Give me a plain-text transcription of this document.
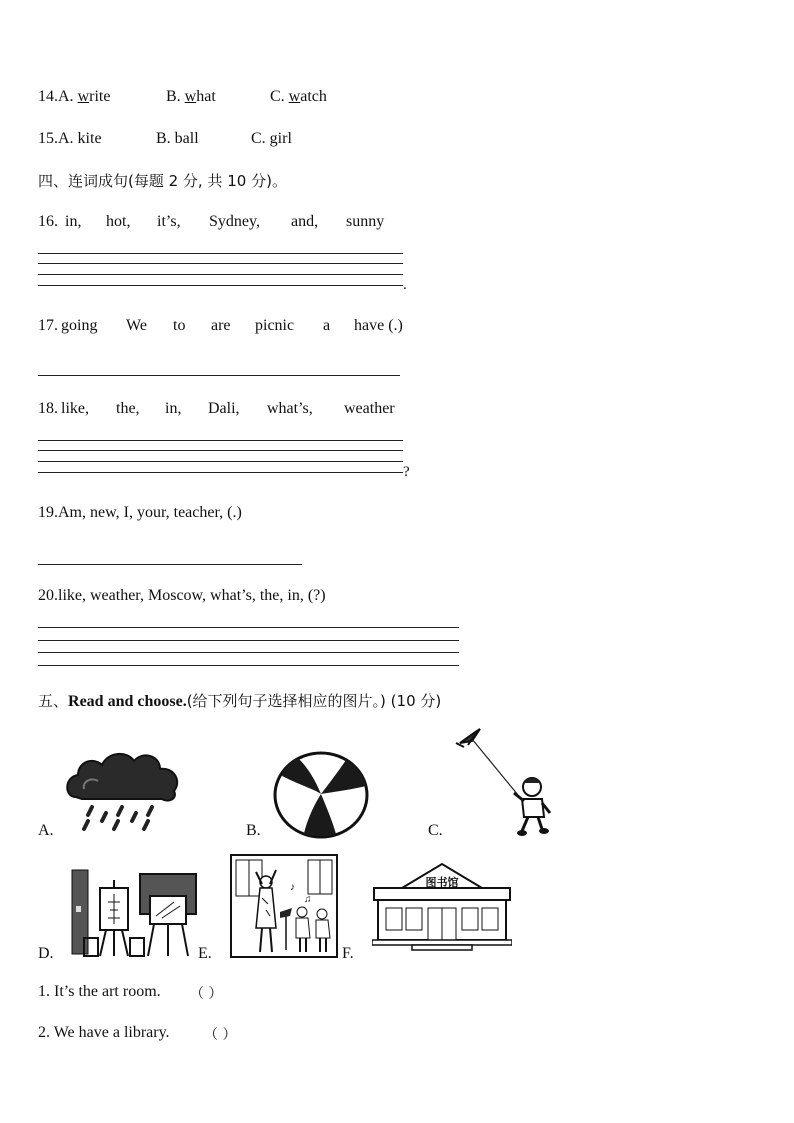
14.A. write	B. what	C. watch
15.A. kite	B. ball	C. girl
四、连词成句(每题 2 分, 共 10 分)。
16. in, hot, it’s, Sydney, and, sunny
.
17. going We to are picnic a have (.)
18. like, the, in, Dali, what’s, weather
?
19.Am, new, I, your, teacher, (.)
20.like, weather, Moscow, what’s, the, in, (?)
五、Read and choose.(给下列句子选择相应的图片。) (10 分)
A.	B.	C.
D.	E.
♪
♫
F.
图书馆
1. It’s the art room. （ ）
2. We have a library. （ ）
